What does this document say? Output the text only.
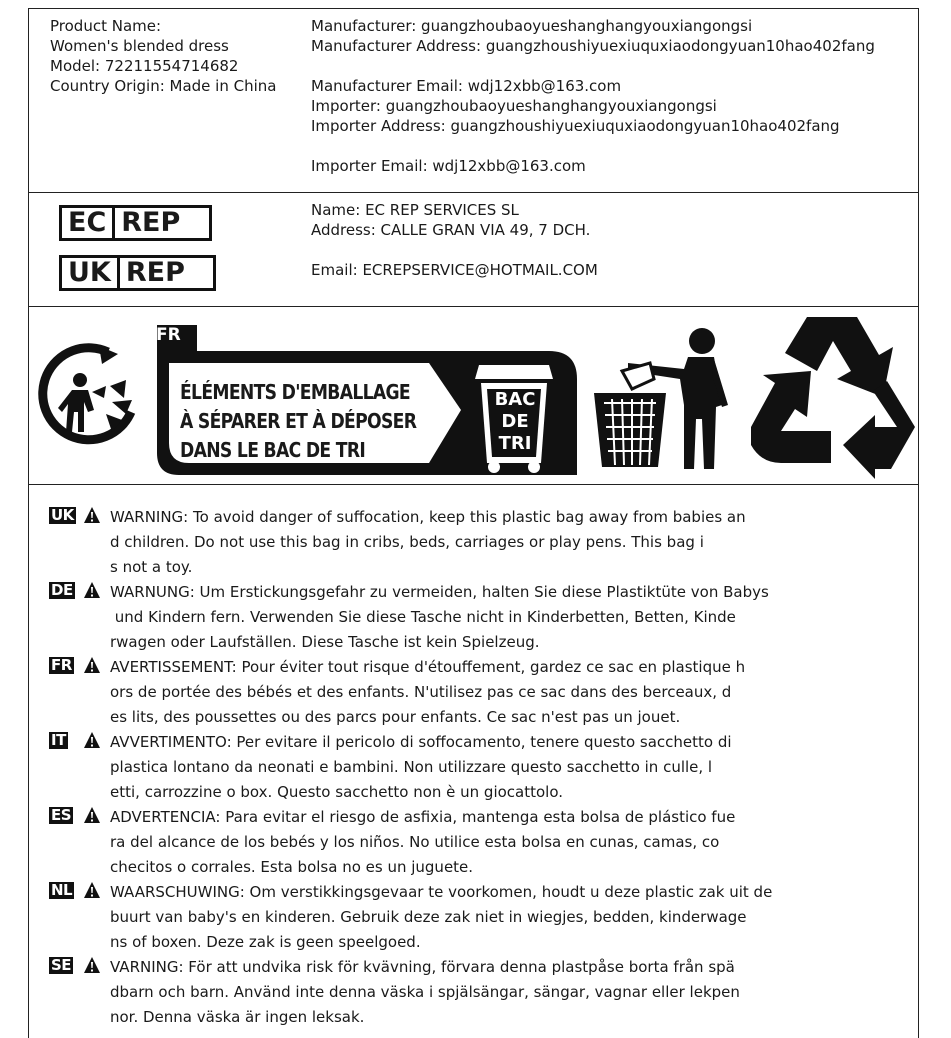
Product Name:
Women's blended dress
Model: 72211554714682
Country Origin: Made in China
Manufacturer: guangzhoubaoyueshanghangyouxiangongsi
Manufacturer Address: guangzhoushiyuexiuquxiaodongyuan10hao402fang
Manufacturer Email: wdj12xbb@163.com
Importer: guangzhoubaoyueshanghangyouxiangongsi
Importer Address: guangzhoushiyuexiuquxiaodongyuan10hao402fang
Importer Email: wdj12xbb@163.com
EC REP
UK REP
Name: EC REP SERVICES SL
Address: CALLE GRAN VIA 49, 7 DCH.
Email: ECREPSERVICE@HOTMAIL.COM
FR
ÉLÉMENTS D'EMBALLAGE
À SÉPARER ET À DÉPOSER
DANS LE BAC DE TRI
BAC
DE
TRI
UK WARNING: To avoid danger of suffocation, keep this plastic bag away from babies an
d children. Do not use this bag in cribs, beds, carriages or play pens. This bag i
s not a toy.
DE WARNUNG: Um Erstickungsgefahr zu vermeiden, halten Sie diese Plastiktüte von Babys
und Kindern fern. Verwenden Sie diese Tasche nicht in Kinderbetten, Betten, Kinde
rwagen oder Laufställen. Diese Tasche ist kein Spielzeug.
FR	AVERTISSEMENT: Pour éviter tout risque d'étouffement, gardez ce sac en plastique h
ors de portée des bébés et des enfants. N'utilisez pas ce sac dans des berceaux, d
es lits, des poussettes ou des parcs pour enfants. Ce sac n'est pas un jouet.
IT	AVVERTIMENTO: Per evitare il pericolo di soffocamento, tenere questo sacchetto di
plastica lontano da neonati e bambini. Non utilizzare questo sacchetto in culle, l
etti, carrozzine o box. Questo sacchetto non è un giocattolo.
ES	ADVERTENCIA: Para evitar el riesgo de asfixia, mantenga esta bolsa de plástico fue
ra del alcance de los bebés y los niños. No utilice esta bolsa en cunas, camas, co
checitos o corrales. Esta bolsa no es un juguete.
NL	WAARSCHUWING: Om verstikkingsgevaar te voorkomen, houdt u deze plastic zak uit de
buurt van baby's en kinderen. Gebruik deze zak niet in wiegjes, bedden, kinderwage
ns of boxen. Deze zak is geen speelgoed.
SE	VARNING: För att undvika risk för kvävning, förvara denna plastpåse borta från spä
dbarn och barn. Använd inte denna väska i spjälsängar, sängar, vagnar eller lekpen
nor. Denna väska är ingen leksak.
